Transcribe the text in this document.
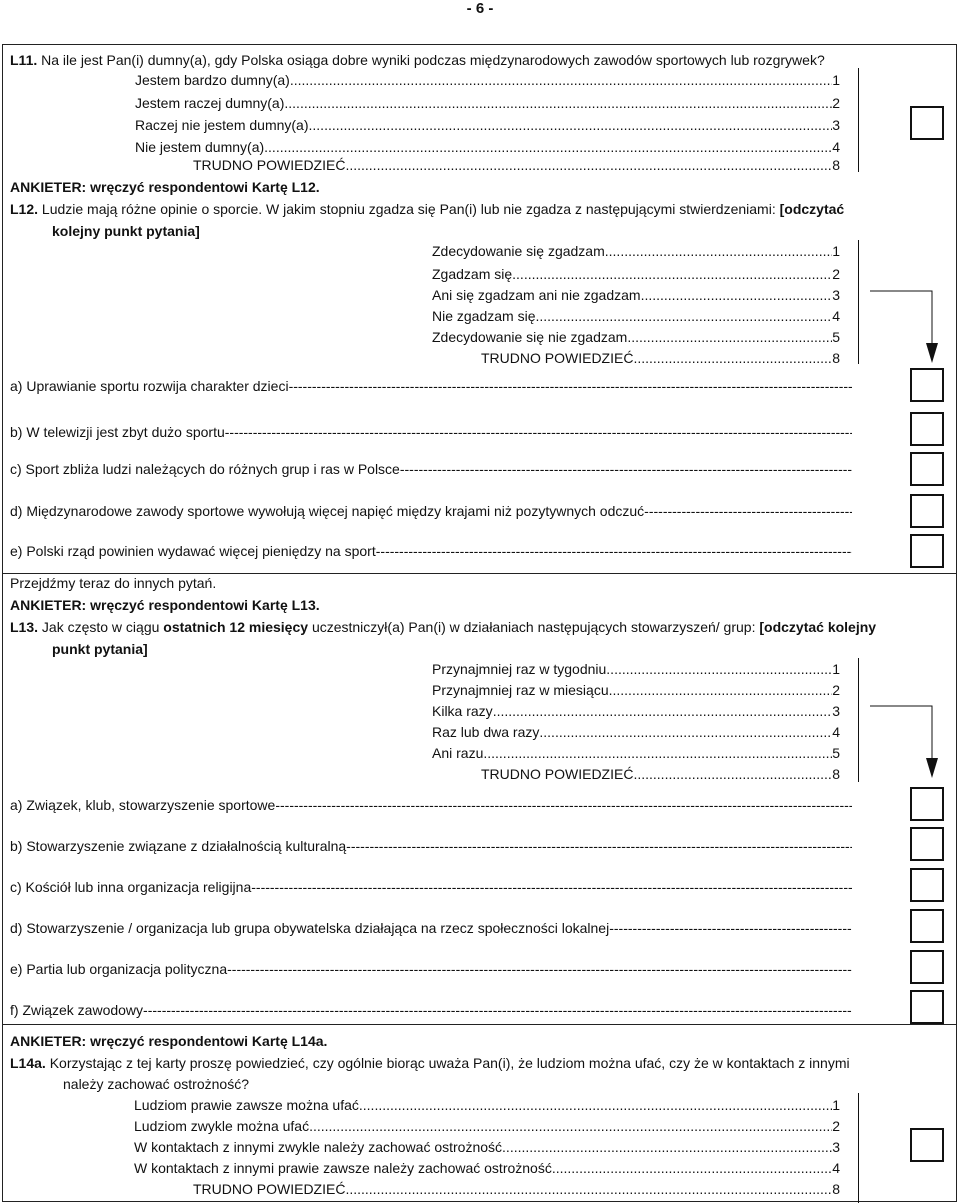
- 6 -
L11. Na ile jest Pan(i) dumny(a), gdy Polska osiąga dobre wyniki podczas międzynarodowych zawodów sportowych lub rozgrywek?
Jestem bardzo dumny(a) .....	1
Jestem raczej dumny(a) .....	2
Raczej nie jestem dumny(a) .....	3
Nie jestem dumny(a) .....	4
TRUDNO POWIEDZIEĆ .....	8
ANKIETER: wręczyć respondentowi Kartę L12.
L12. Ludzie mają różne opinie o sporcie. W jakim stopniu zgadza się Pan(i) lub nie zgadza z następującymi stwierdzeniami: [odczytać
kolejny punkt pytania]
Zdecydowanie się zgadzam .....	1
Zgadzam się .....	2
Ani się zgadzam ani nie zgadzam .....	3
Nie zgadzam się .....	4
Zdecydowanie się nie zgadzam .....	5
TRUDNO POWIEDZIEĆ .....	8
a) Uprawianie sportu rozwija charakter dzieci
-----
b) W telewizji jest zbyt dużo sportu
-----
c) Sport zbliża ludzi należących do różnych grup i ras w Polsce
-----
d) Międzynarodowe zawody sportowe wywołują więcej napięć między krajami niż pozytywnych odczuć
-----
e) Polski rząd powinien wydawać więcej pieniędzy na sport
-----
Przejdźmy teraz do innych pytań.
ANKIETER: wręczyć respondentowi Kartę L13.
L13. Jak często w ciągu ostatnich 12 miesięcy uczestniczył(a) Pan(i) w działaniach następujących stowarzyszeń/ grup: [odczytać kolejny
punkt pytania]
Przynajmniej raz w tygodniu .....	1
Przynajmniej raz w miesiącu .....	2
Kilka razy .....	3
Raz lub dwa razy .....	4
Ani razu .....	5
TRUDNO POWIEDZIEĆ .....	8
a) Związek, klub, stowarzyszenie sportowe
-----
b) Stowarzyszenie związane z działalnością kulturalną
-----
c) Kościół lub inna organizacja religijna
-----
d) Stowarzyszenie / organizacja lub grupa obywatelska działająca na rzecz społeczności lokalnej
-----
e) Partia lub organizacja polityczna
-----
f) Związek zawodowy
-----
ANKIETER: wręczyć respondentowi Kartę L14a.
L14a. Korzystając z tej karty proszę powiedzieć, czy ogólnie biorąc uważa Pan(i), że ludziom można ufać, czy że w kontaktach z innymi
należy zachować ostrożność?
Ludziom prawie zawsze można ufać .....	1
Ludziom zwykle można ufać .....	2
W kontaktach z innymi zwykle należy zachować ostrożność .....	3
W kontaktach z innymi prawie zawsze należy zachować ostrożność .....	4
TRUDNO POWIEDZIEĆ .....	8
